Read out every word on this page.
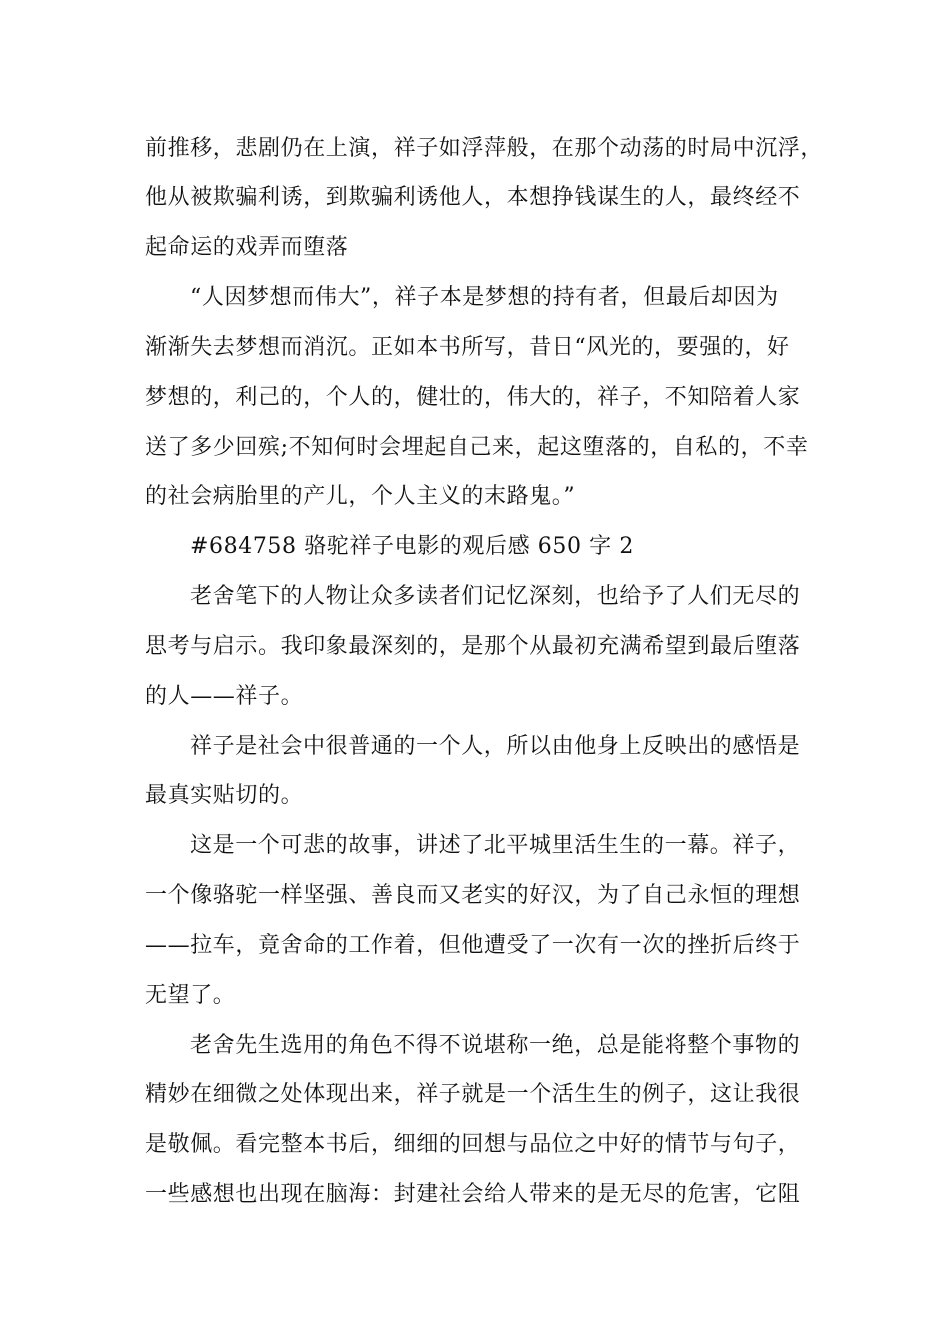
前推移，悲剧仍在上演，祥子如浮萍般，在那个动荡的时局中沉浮，
他从被欺骗利诱，到欺骗利诱他人，本想挣钱谋生的人，最终经不
起命运的戏弄而堕落
“人因梦想而伟大”，祥子本是梦想的持有者，但最后却因为
渐渐失去梦想而消沉。正如本书所写，昔日“风光的，要强的，好
梦想的，利己的，个人的，健壮的，伟大的，祥子，不知陪着人家
送了多少回殡;不知何时会埋起自己来，起这堕落的，自私的，不幸
的社会病胎里的产儿，个人主义的末路鬼。”
#684758 骆驼祥子电影的观后感 650 字 2
老舍笔下的人物让众多读者们记忆深刻，也给予了人们无尽的
思考与启示。我印象最深刻的，是那个从最初充满希望到最后堕落
的人——祥子。
祥子是社会中很普通的一个人，所以由他身上反映出的感悟是
最真实贴切的。
这是一个可悲的故事，讲述了北平城里活生生的一幕。祥子，
一个像骆驼一样坚强、善良而又老实的好汉，为了自己永恒的理想
——拉车，竟舍命的工作着，但他遭受了一次有一次的挫折后终于
无望了。
老舍先生选用的角色不得不说堪称一绝，总是能将整个事物的
精妙在细微之处体现出来，祥子就是一个活生生的例子，这让我很
是敬佩。看完整本书后，细细的回想与品位之中好的情节与句子，
一些感想也出现在脑海：封建社会给人带来的是无尽的危害，它阻
